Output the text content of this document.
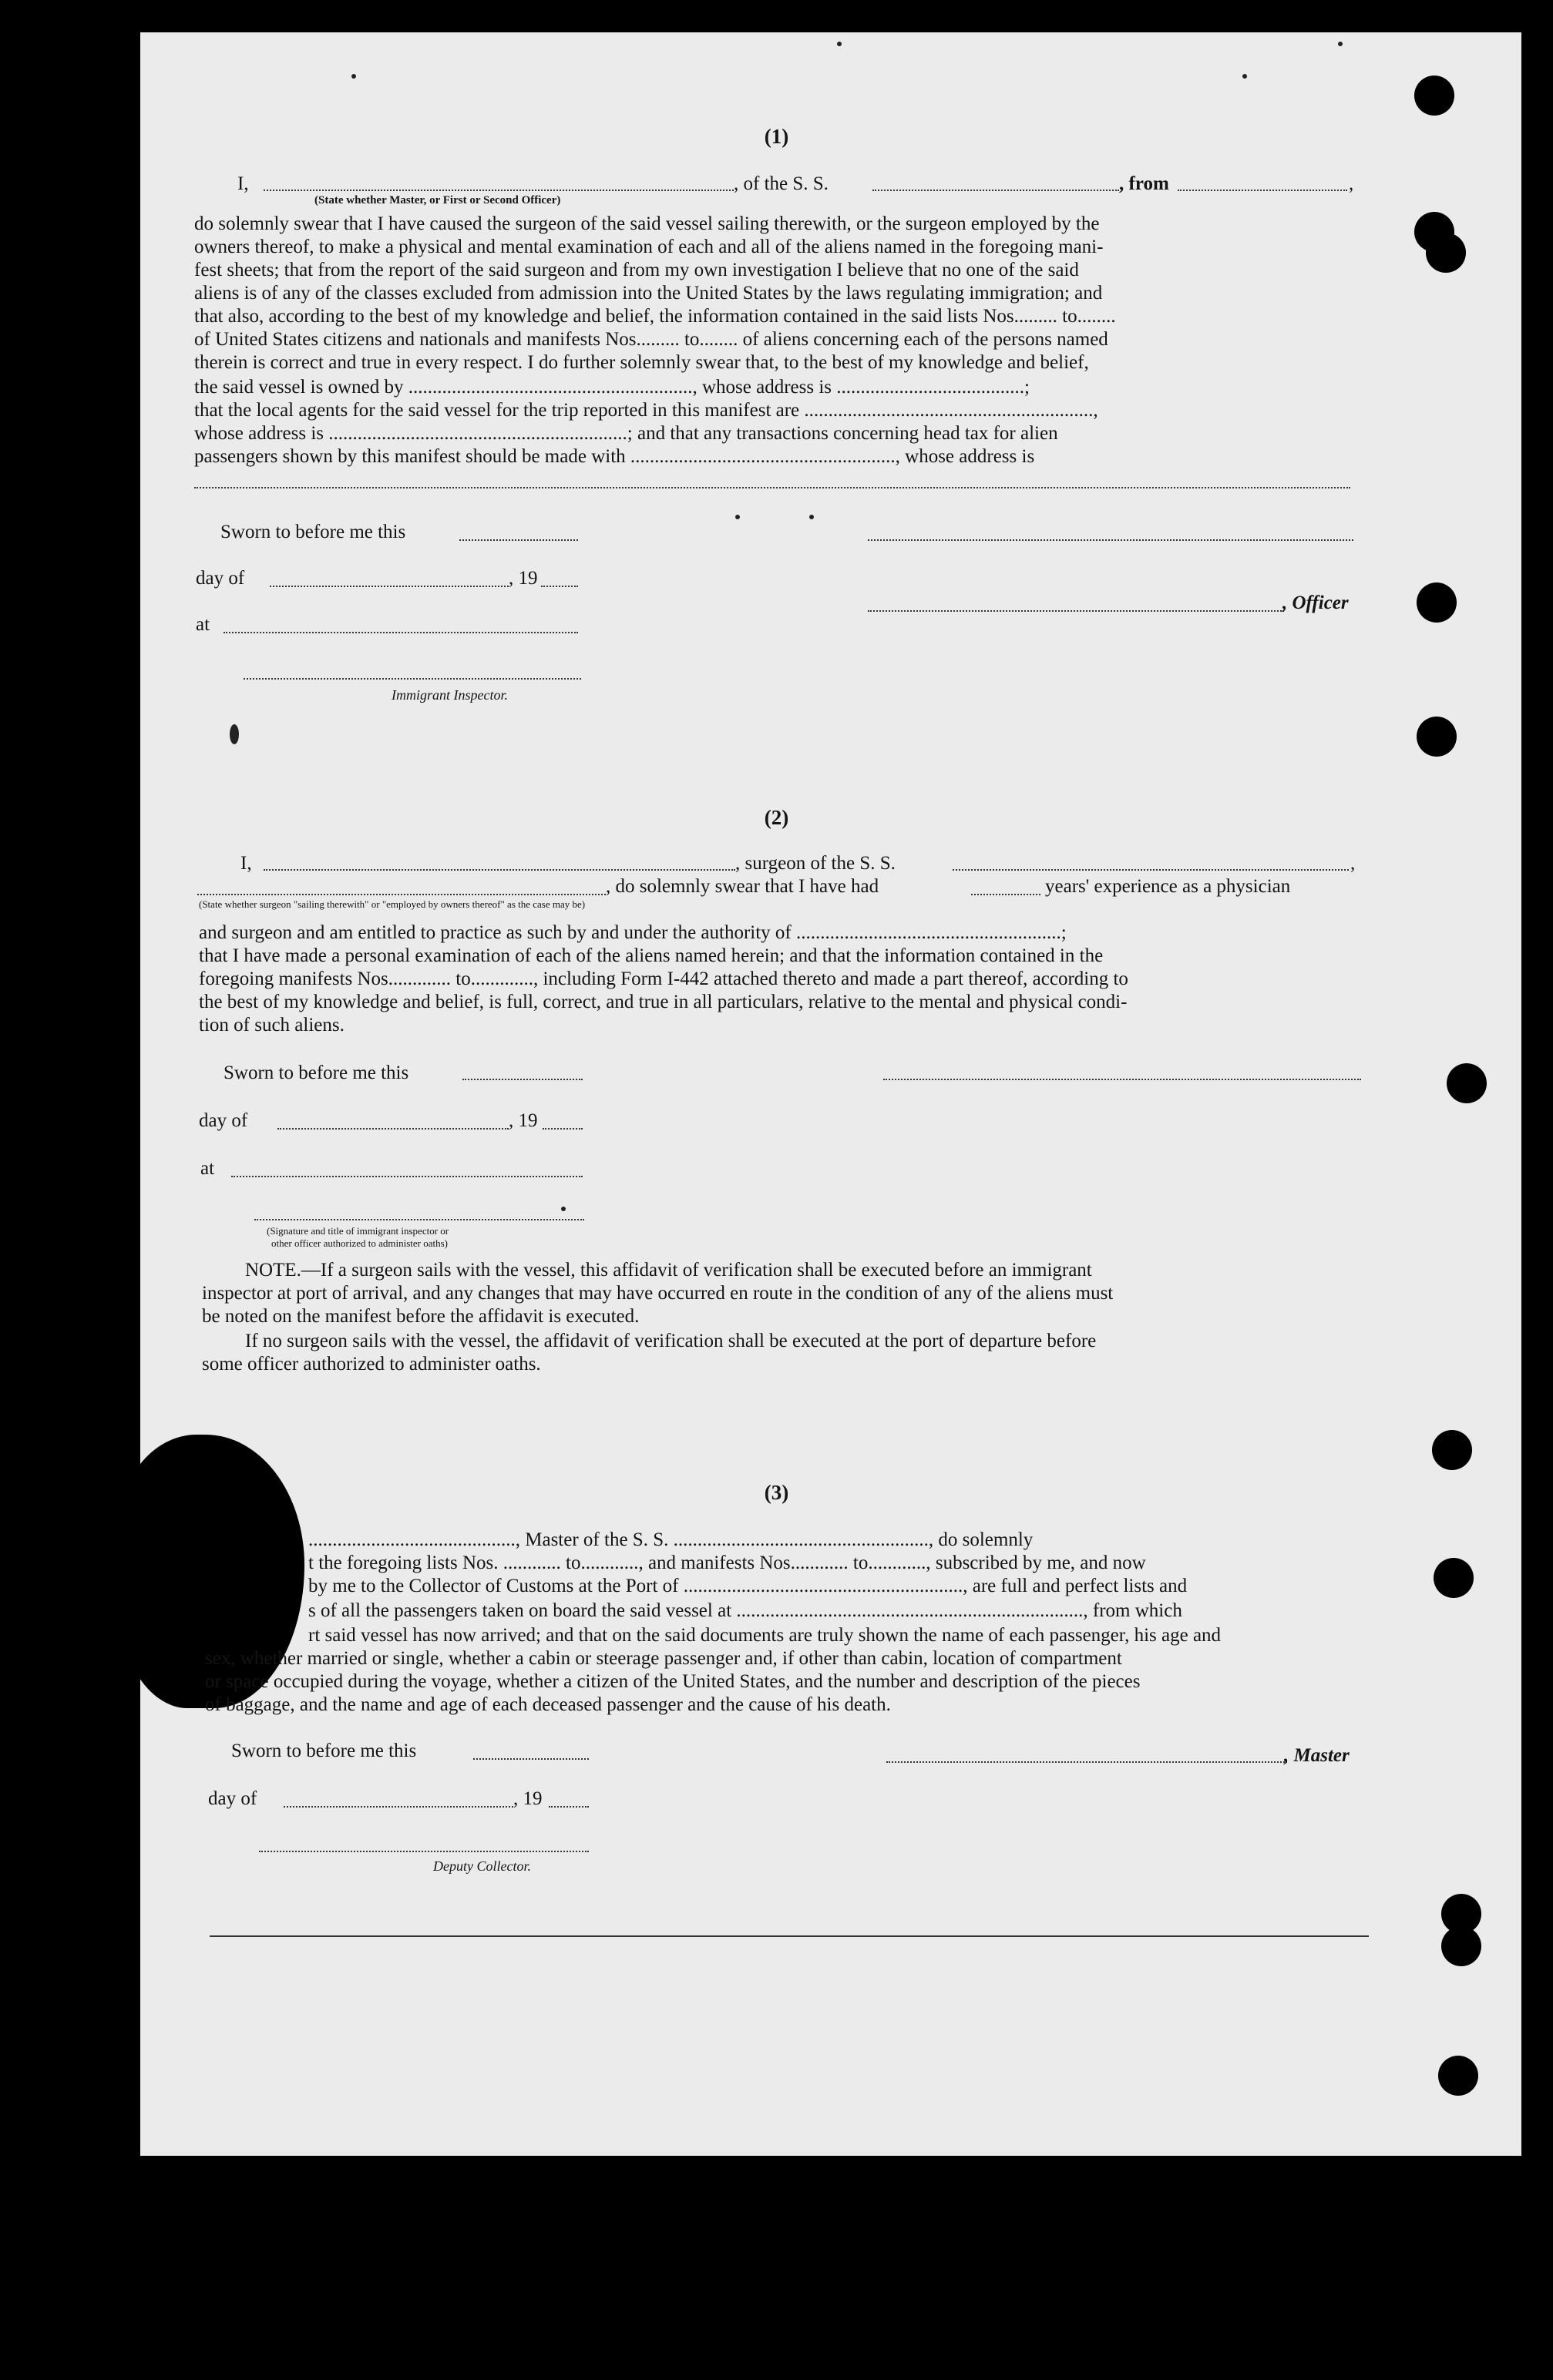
(1)
I,	, of the S. S.	, from	,
(State whether Master, or First or Second Officer)
do solemnly swear that I have caused the surgeon of the said vessel sailing therewith, or the surgeon employed by the
owners thereof, to make a physical and mental examination of each and all of the aliens named in the foregoing mani-
fest sheets; that from the report of the said surgeon and from my own investigation I believe that no one of the said
aliens is of any of the classes excluded from admission into the United States by the laws regulating immigration; and
that also, according to the best of my knowledge and belief, the information contained in the said lists Nos......... to........
of United States citizens and nationals and manifests Nos......... to........ of aliens concerning each of the persons named
therein is correct and true in every respect. I do further solemnly swear that, to the best of my knowledge and belief,
the said vessel is owned by ..........................................................., whose address is .......................................;
that the local agents for the said vessel for the trip reported in this manifest are ............................................................,
whose address is ..............................................................; and that any transactions concerning head tax for alien
passengers shown by this manifest should be made with ......................................................., whose address is
Sworn to before me this
day of	, 19
, Officer
at
Immigrant Inspector.
(2)
I,	, surgeon of the S. S.	,
, do solemnly swear that I have had	years' experience as a physician
(State whether surgeon "sailing therewith" or "employed by owners thereof" as the case may be)
and surgeon and am entitled to practice as such by and under the authority of .......................................................;
that I have made a personal examination of each of the aliens named herein; and that the information contained in the
foregoing manifests Nos............. to............., including Form I-442 attached thereto and made a part thereof, according to
the best of my knowledge and belief, is full, correct, and true in all particulars, relative to the mental and physical condi-
tion of such aliens.
Sworn to before me this
day of	, 19
at
(Signature and title of immigrant inspector or
other officer authorized to administer oaths)
NOTE.—If a surgeon sails with the vessel, this affidavit of verification shall be executed before an immigrant
inspector at port of arrival, and any changes that may have occurred en route in the condition of any of the aliens must
be noted on the manifest before the affidavit is executed.
If no surgeon sails with the vessel, the affidavit of verification shall be executed at the port of departure before
some officer authorized to administer oaths.
(3)
..........................................., Master of the S. S. ....................................................., do solemnly
t the foregoing lists Nos. ............ to............, and manifests Nos............ to............, subscribed by me, and now
by me to the Collector of Customs at the Port of .........................................................., are full and perfect lists and
s of all the passengers taken on board the said vessel at ........................................................................, from which
rt said vessel has now arrived; and that on the said documents are truly shown the name of each passenger, his age and
sex, whether married or single, whether a cabin or steerage passenger and, if other than cabin, location of compartment
or space occupied during the voyage, whether a citizen of the United States, and the number and description of the pieces
of baggage, and the name and age of each deceased passenger and the cause of his death.
Sworn to before me this	, Master
day of	, 19
Deputy Collector.
